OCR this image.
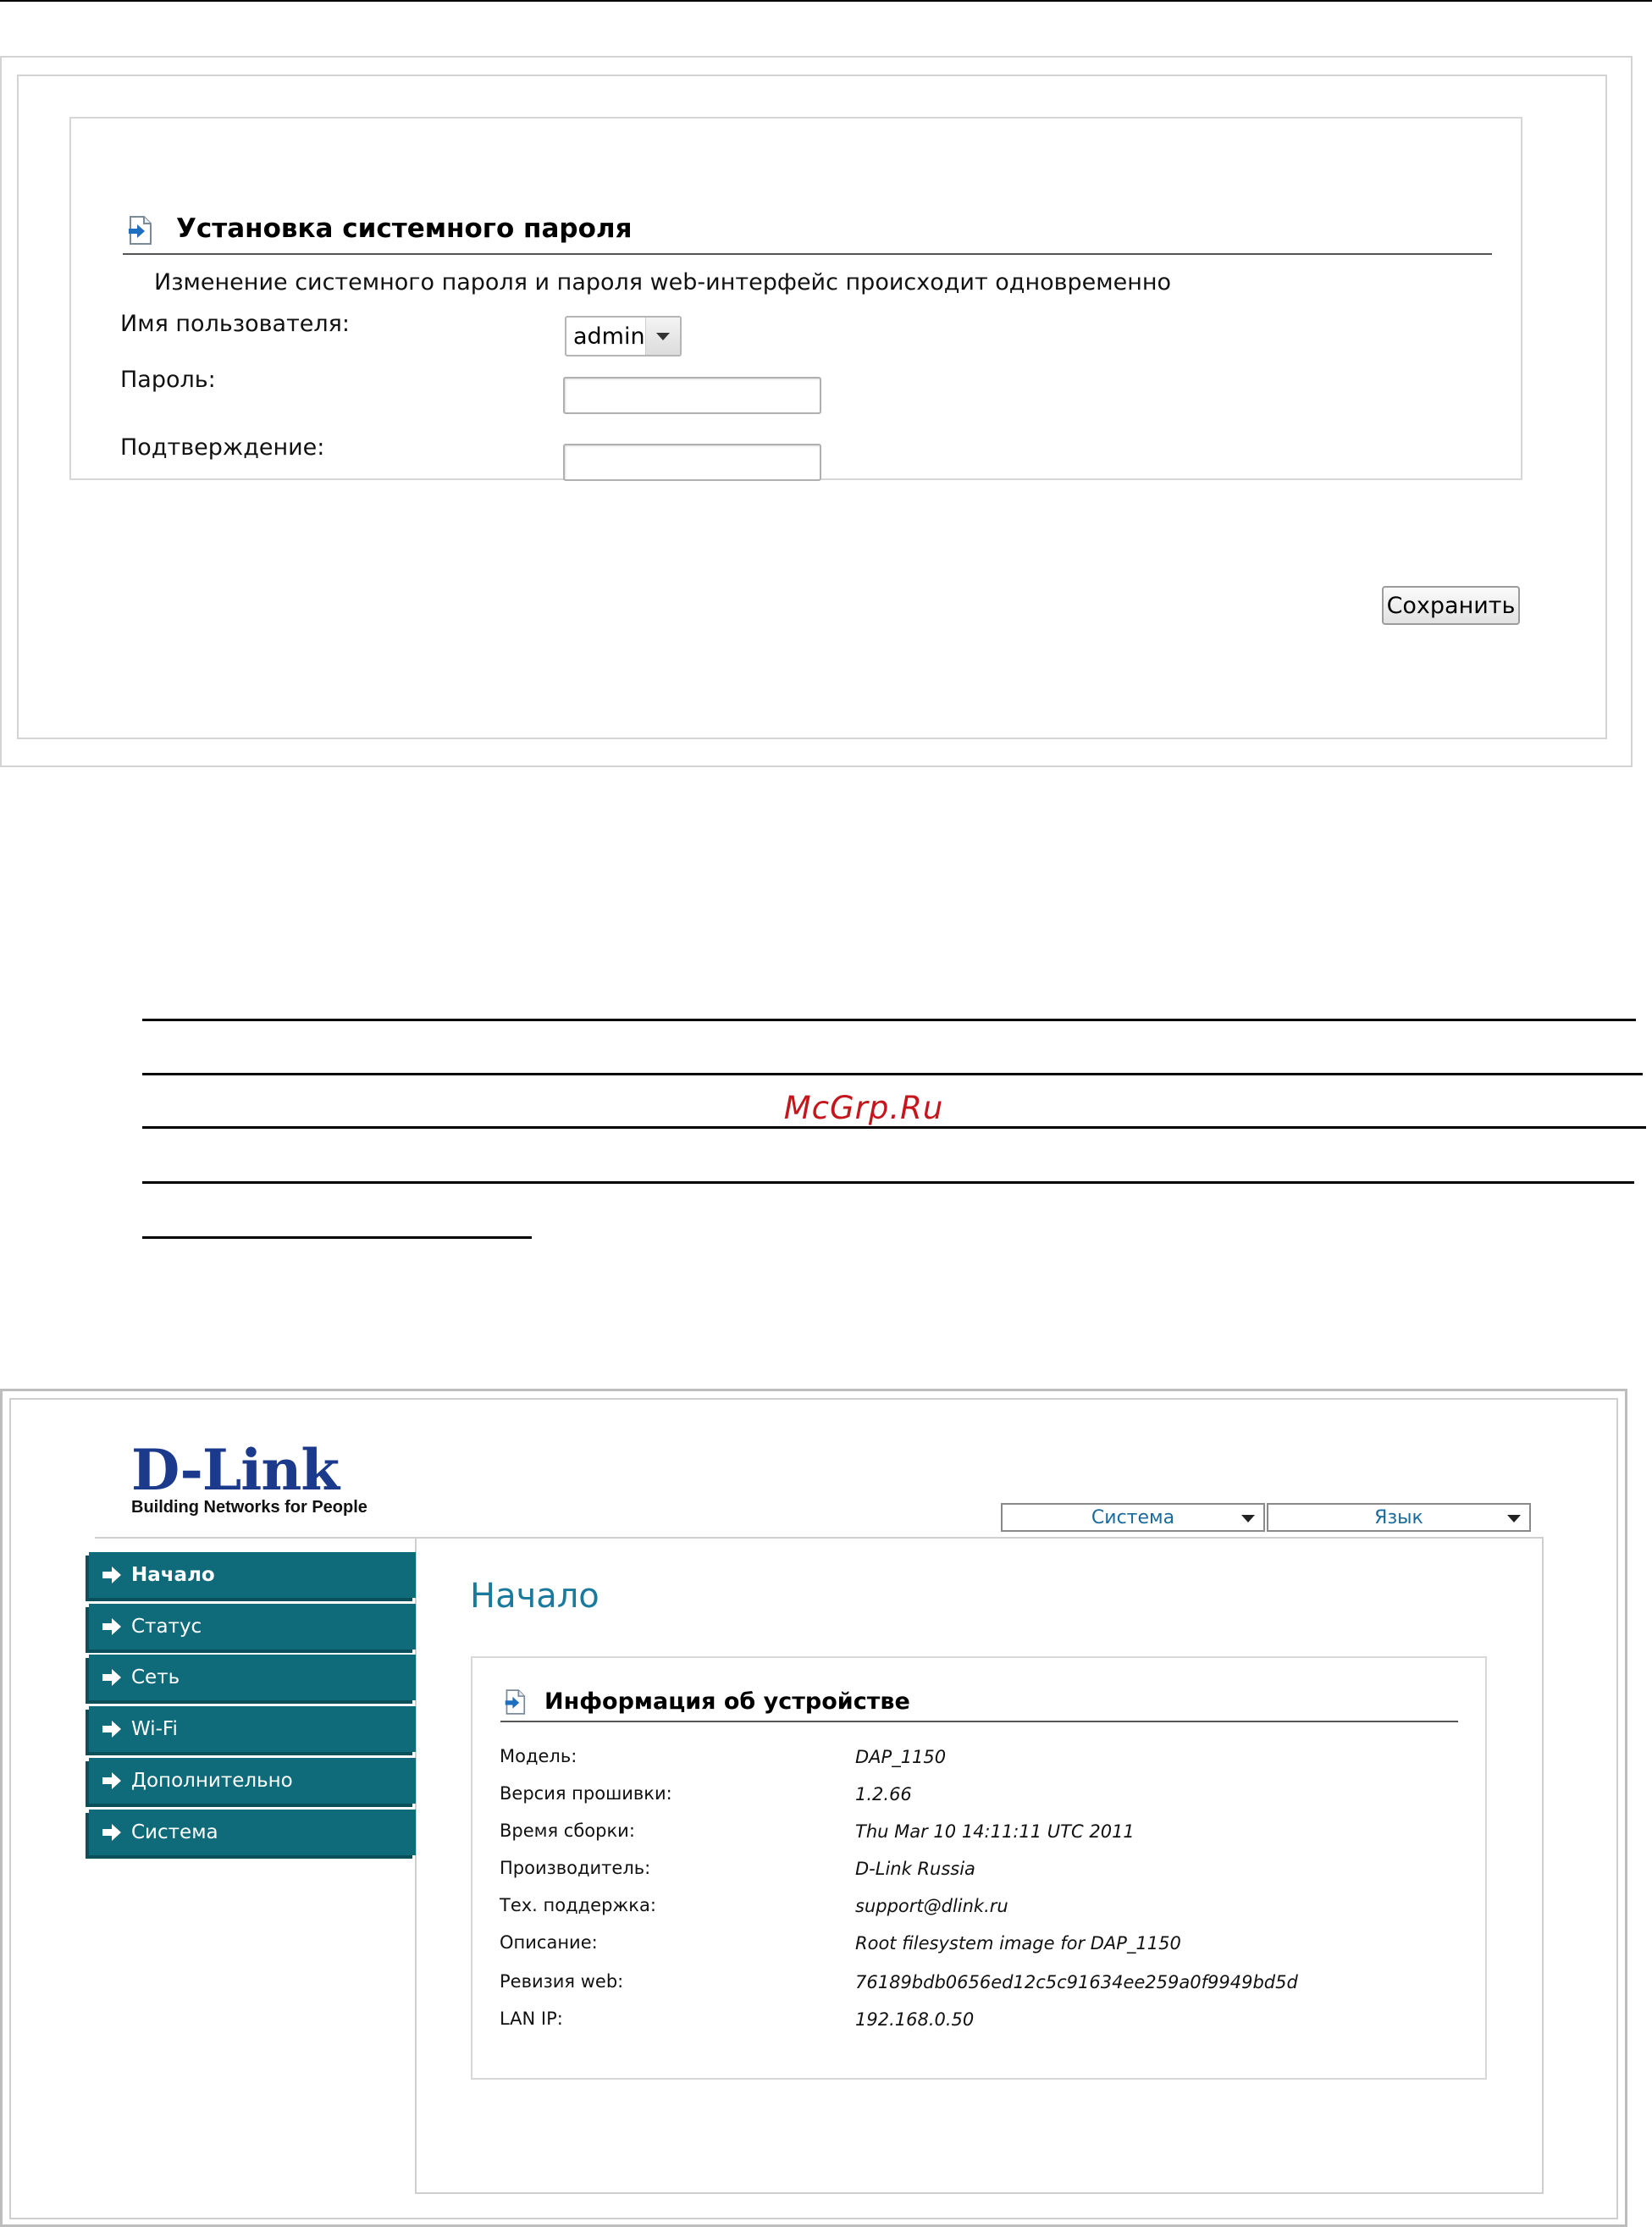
Установка системного пароля
Изменение системного пароля и пароля web-интерфейс происходит одновременно
Имя пользователя:	admin
Пароль:
Подтверждение:
Сохранить
McGrp.Ru
D-Link
Building Networks for People	Система	Язык
Начало
Статус
Сеть
Wi-Fi
Дополнительно
Система
Начало
Информация об устройстве
Модель:	DAP_1150
Версия прошивки:	1.2.66
Время сборки:	Thu Mar 10 14:11:11 UTC 2011
Производитель:	D-Link Russia
Тех. поддержка:	support@dlink.ru
Описание:	Root filesystem image for DAP_1150
Ревизия web:	76189bdb0656ed12c5c91634ee259a0f9949bd5d
LAN IP:	192.168.0.50
